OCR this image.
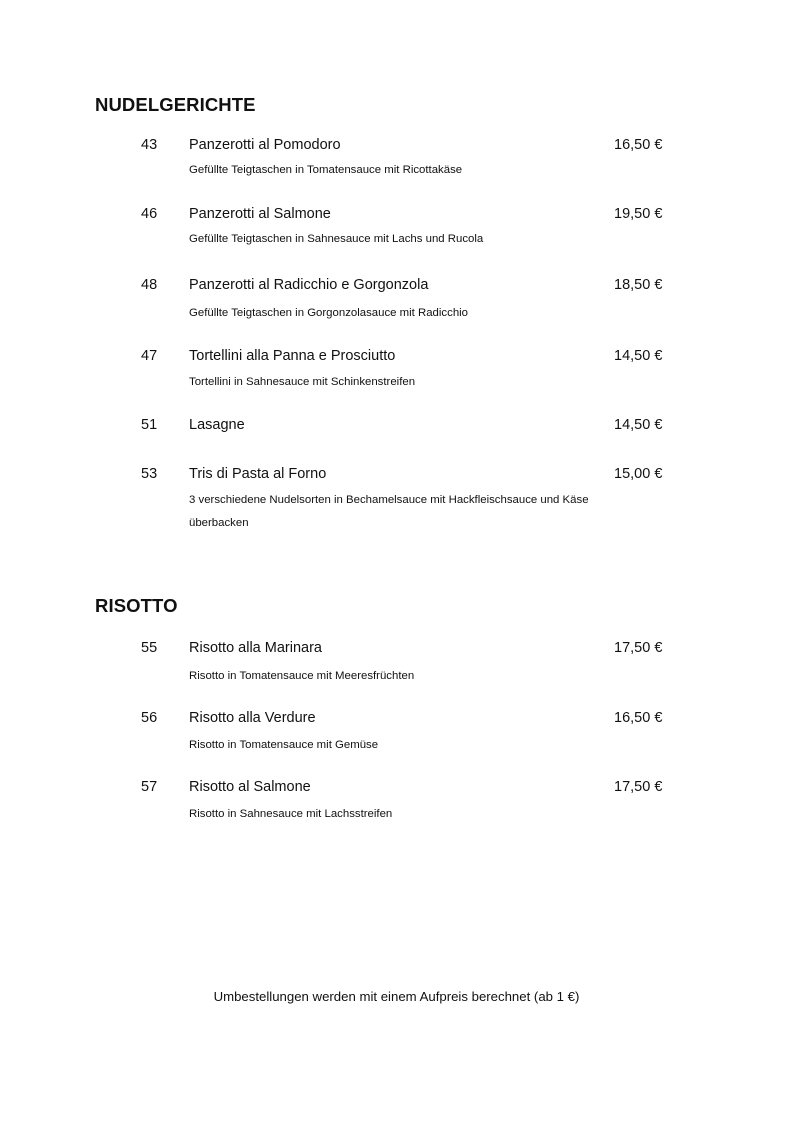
NUDELGERICHTE
43 Panzerotti al Pomodoro	16,50 €

Gefüllte Teigtaschen in Tomatensauce mit Ricottakäse

46 Panzerotti al Salmone	19,50 €

Gefüllte Teigtaschen in Sahnesauce mit Lachs und Rucola

48 Panzerotti al Radicchio e Gorgonzola	18,50 €

Gefüllte Teigtaschen in Gorgonzolasauce mit Radicchio

47 Tortellini alla Panna e Prosciutto	14,50 €

Tortellini in Sahnesauce mit Schinkenstreifen

51 Lasagne	14,50 €
53 Tris di Pasta al Forno	15,00 €

3 verschiedene Nudelsorten in Bechamelsauce mit Hackfleischsauce und Käse überbacken

RISOTTO
55 Risotto alla Marinara	17,50 €

Risotto in Tomatensauce mit Meeresfrüchten

56 Risotto alla Verdure	16,50 €

Risotto in Tomatensauce mit Gemüse

57 Risotto al Salmone	17,50 €

Risotto in Sahnesauce mit Lachsstreifen

Umbestellungen werden mit einem Aufpreis berechnet (ab 1 €)
